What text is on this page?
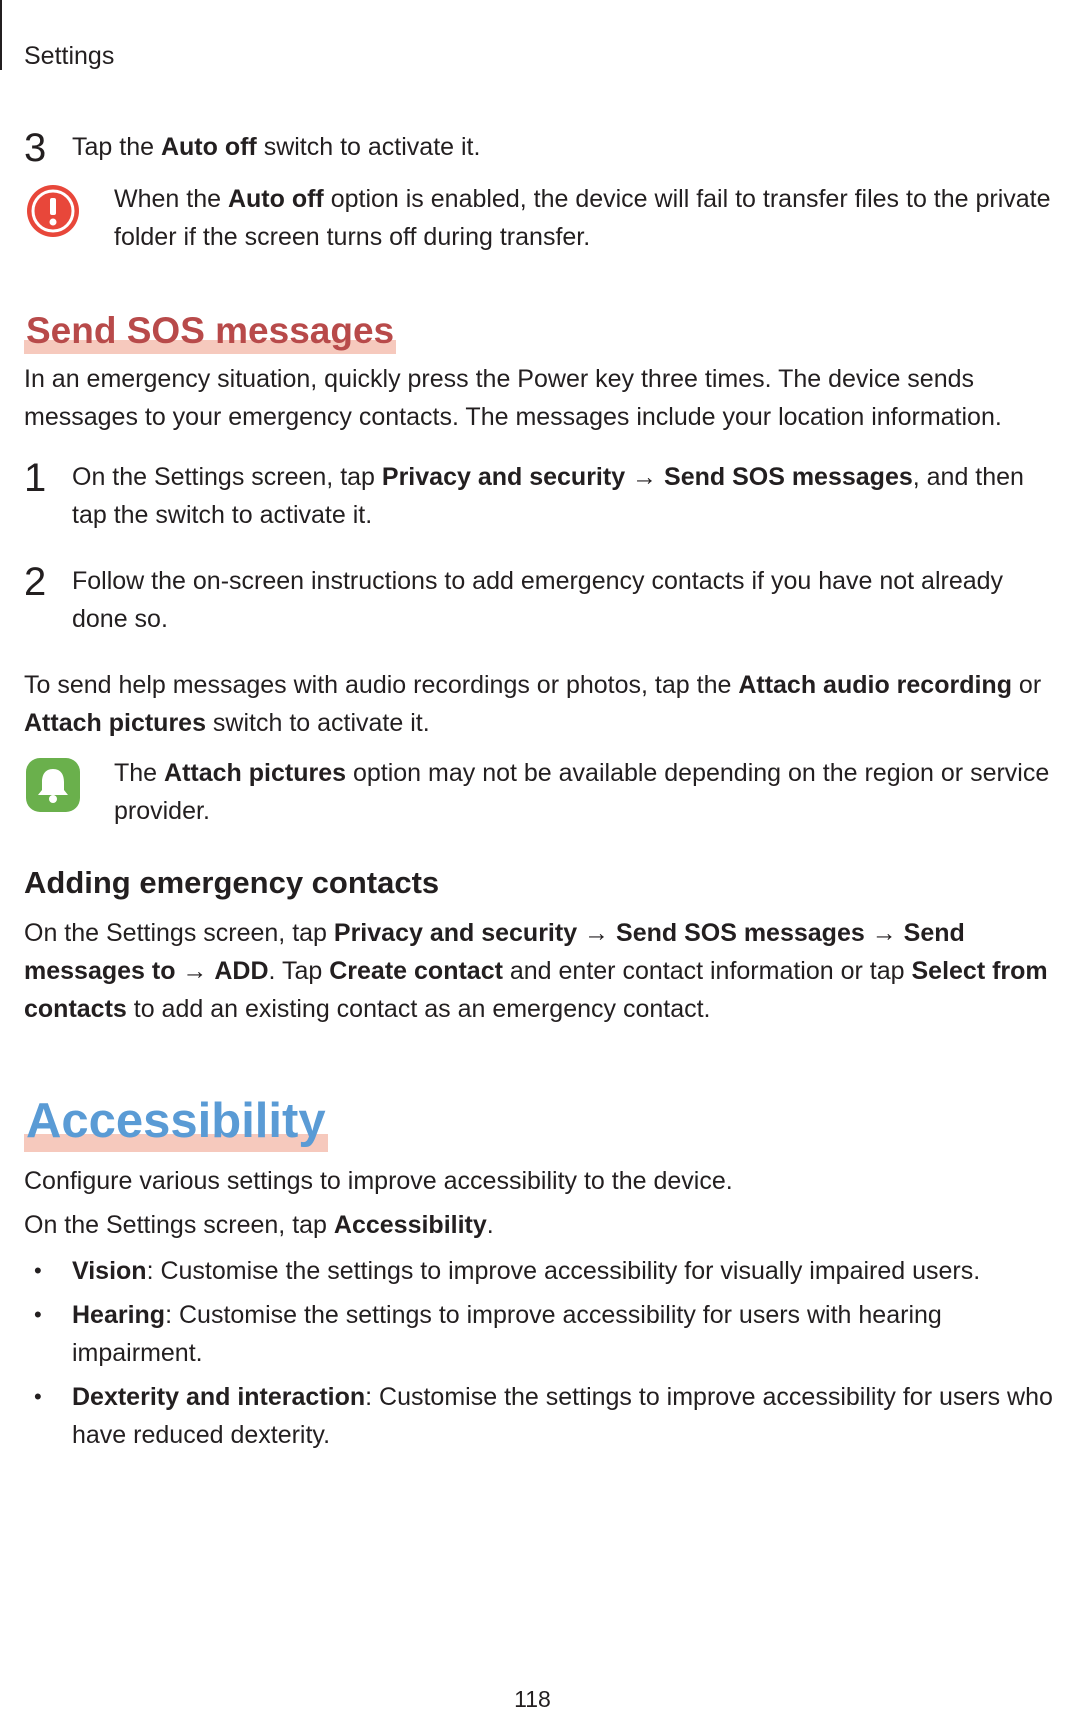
Settings
3 Tap the Auto off switch to activate it.
When the Auto off option is enabled, the device will fail to transfer files to the private folder if the screen turns off during transfer.
Send SOS messages

In an emergency situation, quickly press the Power key three times. The device sends messages to your emergency contacts. The messages include your location information.

1 On the Settings screen, tap Privacy and security → Send SOS messages, and then tap the switch to activate it.
2 Follow the on-screen instructions to add emergency contacts if you have not already done so.

To send help messages with audio recordings or photos, tap the Attach audio recording or Attach pictures switch to activate it.

The Attach pictures option may not be available depending on the region or service provider.
Adding emergency contacts

On the Settings screen, tap Privacy and security → Send SOS messages → Send messages to → ADD. Tap Create contact and enter contact information or tap Select from contacts to add an existing contact as an emergency contact.

Accessibility

Configure various settings to improve accessibility to the device.

On the Settings screen, tap Accessibility.

• Vision: Customise the settings to improve accessibility for visually impaired users.
• Hearing: Customise the settings to improve accessibility for users with hearing impairment.
• Dexterity and interaction: Customise the settings to improve accessibility for users who have reduced dexterity.
118
